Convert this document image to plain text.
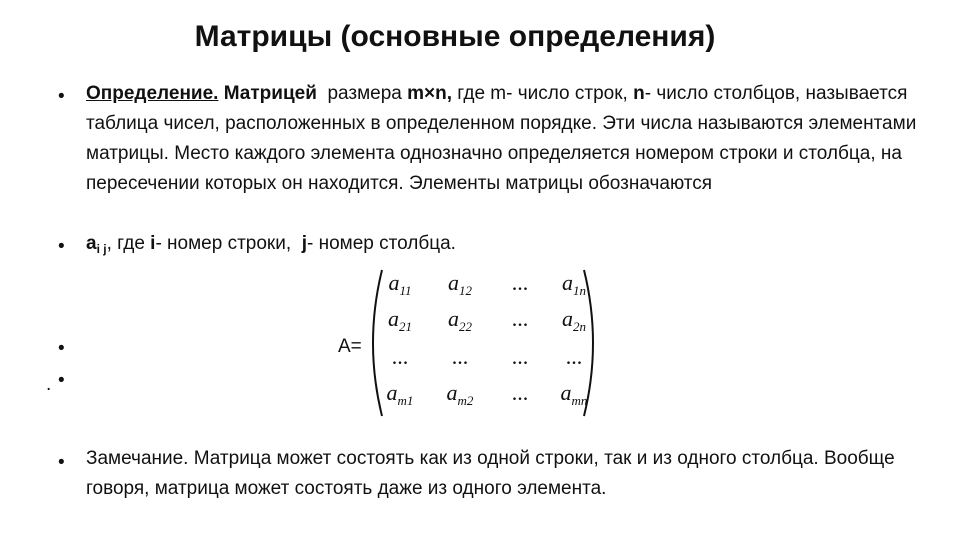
Матрицы (основные определения)
• Определение. Матрицей размера m×n, где m- число строк, n- число столбцов, называется таблица чисел, расположенных в определенном порядке. Эти числа называются элементами матрицы. Место каждого элемента однозначно определяется номером строки и столбца, на пересечении которых он находится. Элементы матрицы обозначаются
• $a_{i j}$, где i- номер строки, j- номер столбца.
•
•
.
A=
$a_{11}$	$a_{12}$	...	$a_{1n}$
$a_{21}$	$a_{22}$	...	$a_{2n}$
...	...	...	...
$a_{m1}$	$a_{m2}$	...	$a_{mn}$
• Замечание. Матрица может состоять как из одной строки, так и из одного столбца. Вообще говоря, матрица может состоять даже из одного элемента.
